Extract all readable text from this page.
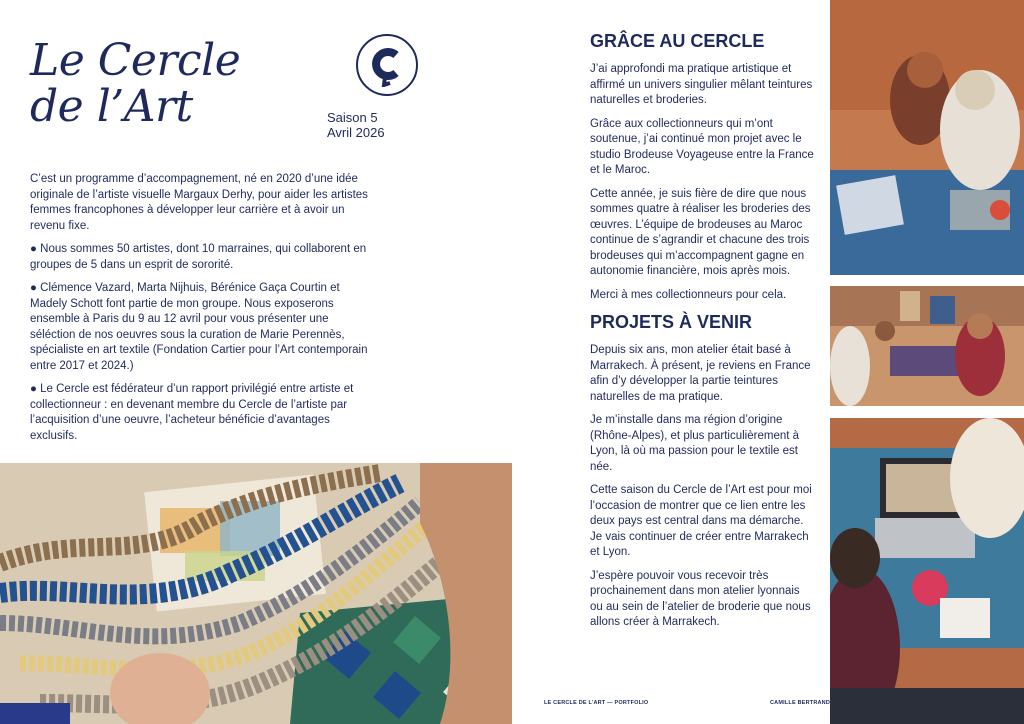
Le Cercle
de l’Art	Saison 5
Avril 2026

C’est un programme d’accompagnement, né en 2020 d’une idée originale de l’artiste visuelle Margaux Derhy, pour aider les artistes femmes francophones à développer leur carrière et à avoir un revenu fixe.

● Nous sommes 50 artistes, dont 10 marraines, qui collaborent en groupes de 5 dans un esprit de sororité.

● Clémence Vazard, Marta Nijhuis, Bérénice Gaça Courtin et Madely Schott font partie de mon groupe. Nous exposerons ensemble à Paris du 9 au 12 avril pour vous présenter une séléction de nos oeuvres sous la curation de Marie Perennès, spécialiste en art textile (Fondation Cartier pour l’Art contemporain entre 2017 et 2024.)

● Le Cercle est fédérateur d’un rapport privilégié entre artiste et collectionneur : en devenant membre du Cercle de l’artiste par l’acquisition d’une oeuvre, l’acheteur bénéficie d’avantages exclusifs.

GRÂCE AU CERCLE

J’ai approfondi ma pratique artistique et affirmé un univers singulier mêlant teintures naturelles et broderies.

Grâce aux collectionneurs qui m’ont soutenue, j’ai continué mon projet avec le studio Brodeuse Voyageuse entre la France et le Maroc.

Cette année, je suis fière de dire que nous sommes quatre à réaliser les broderies des œuvres. L’équipe de brodeuses au Maroc continue de s’agrandir et chacune des trois brodeuses qui m’accompagnent gagne en autonomie financière, mois après mois.

Merci à mes collectionneurs pour cela.

PROJETS À VENIR

Depuis six ans, mon atelier était basé à Marrakech. À présent, je reviens en France afin d’y développer la partie teintures naturelles de ma pratique.

Je m’installe dans ma région d’origine (Rhône-Alpes), et plus particulièrement à Lyon, là où ma passion pour le textile est née.

Cette saison du Cercle de l’Art est pour moi l’occasion de montrer que ce lien entre les deux pays est central dans ma démarche. Je vais continuer de créer entre Marrakech et Lyon.

J’espère pouvoir vous recevoir très prochainement dans mon atelier lyonnais ou au sein de l’atelier de broderie que nous allons créer à Marrakech.

LE CERCLE DE L’ART — PORTFOLIO	CAMILLE BERTRAND
